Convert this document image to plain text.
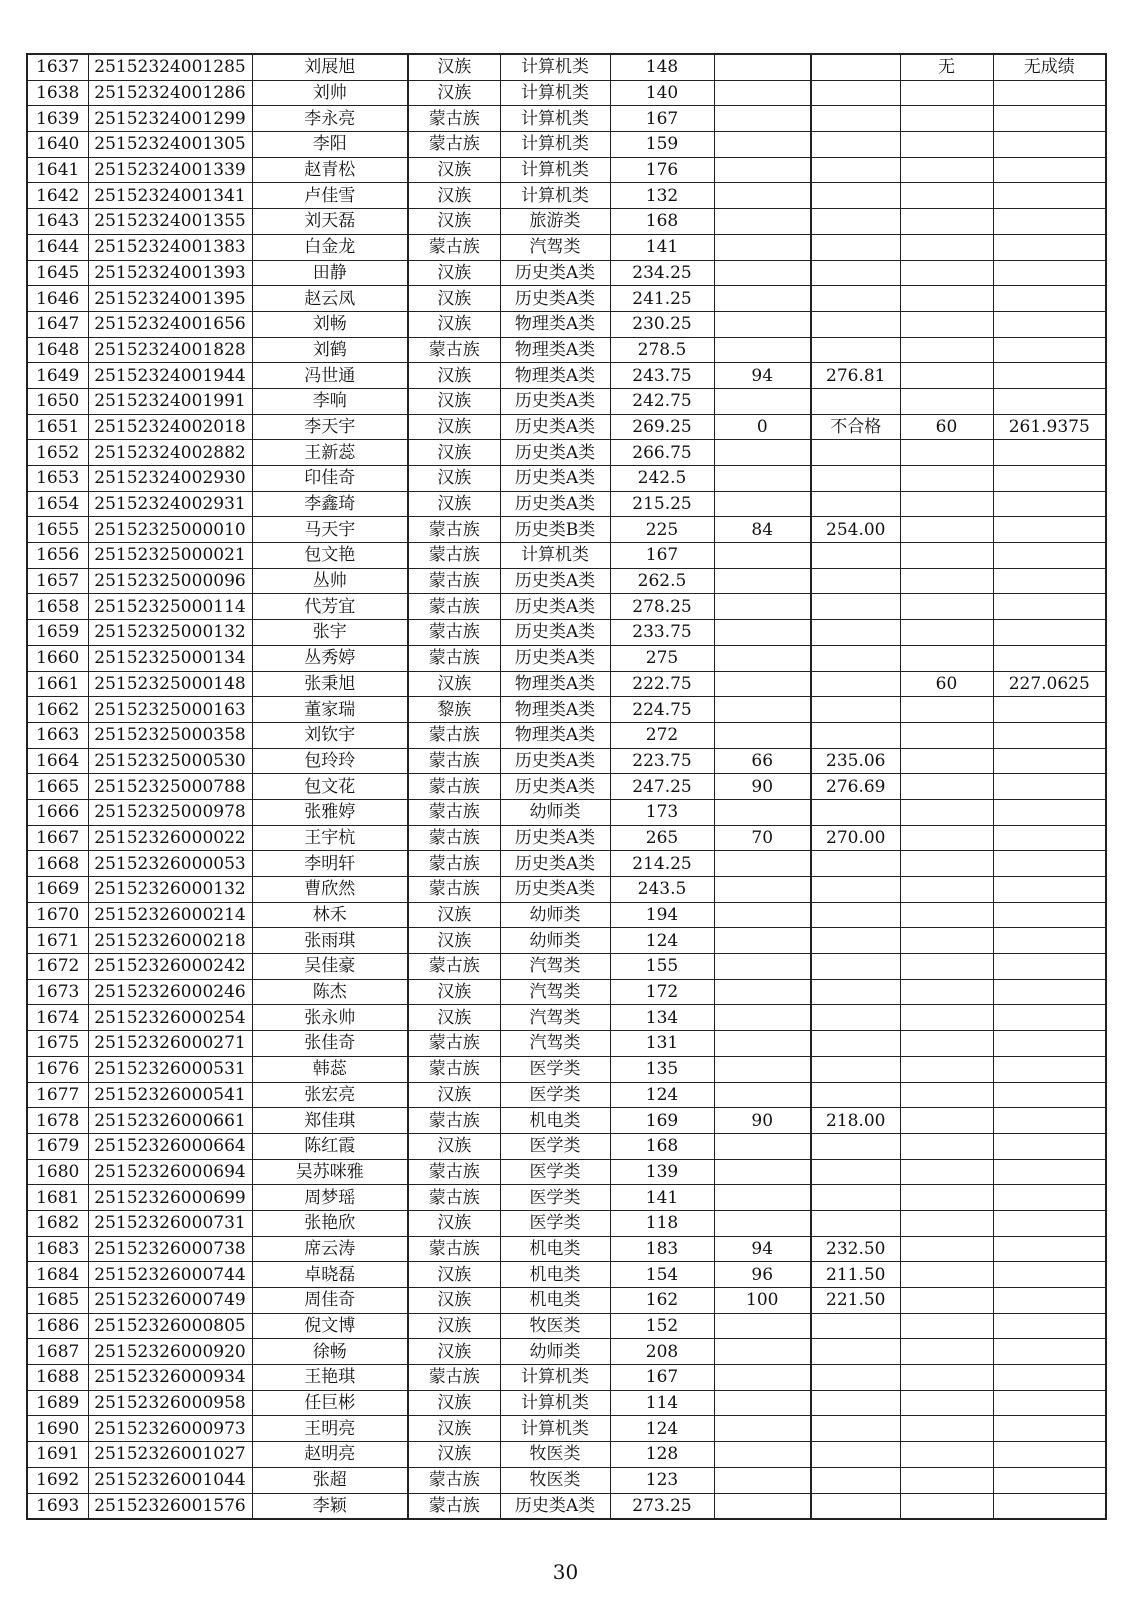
1637	25152324001285	刘展旭	汉族	计算机类	148			无	无成绩
1638	25152324001286	刘帅	汉族	计算机类	140				
1639	25152324001299	李永亮	蒙古族	计算机类	167				
1640	25152324001305	李阳	蒙古族	计算机类	159				
1641	25152324001339	赵青松	汉族	计算机类	176				
1642	25152324001341	卢佳雪	汉族	计算机类	132				
1643	25152324001355	刘天磊	汉族	旅游类	168				
1644	25152324001383	白金龙	蒙古族	汽驾类	141				
1645	25152324001393	田静	汉族	历史类A类	234.25				
1646	25152324001395	赵云凤	汉族	历史类A类	241.25				
1647	25152324001656	刘畅	汉族	物理类A类	230.25				
1648	25152324001828	刘鹤	蒙古族	物理类A类	278.5				
1649	25152324001944	冯世通	汉族	物理类A类	243.75	94	276.81		
1650	25152324001991	李响	汉族	历史类A类	242.75				
1651	25152324002018	李天宇	汉族	历史类A类	269.25	0	不合格	60	261.9375
1652	25152324002882	王新蕊	汉族	历史类A类	266.75				
1653	25152324002930	印佳奇	汉族	历史类A类	242.5				
1654	25152324002931	李鑫琦	汉族	历史类A类	215.25				
1655	25152325000010	马天宇	蒙古族	历史类B类	225	84	254.00		
1656	25152325000021	包文艳	蒙古族	计算机类	167				
1657	25152325000096	丛帅	蒙古族	历史类A类	262.5				
1658	25152325000114	代芳宜	蒙古族	历史类A类	278.25				
1659	25152325000132	张宇	蒙古族	历史类A类	233.75				
1660	25152325000134	丛秀婷	蒙古族	历史类A类	275				
1661	25152325000148	张秉旭	汉族	物理类A类	222.75			60	227.0625
1662	25152325000163	董家瑞	黎族	物理类A类	224.75				
1663	25152325000358	刘钦宇	蒙古族	物理类A类	272				
1664	25152325000530	包玲玲	蒙古族	历史类A类	223.75	66	235.06		
1665	25152325000788	包文花	蒙古族	历史类A类	247.25	90	276.69		
1666	25152325000978	张雅婷	蒙古族	幼师类	173				
1667	25152326000022	王宇杭	蒙古族	历史类A类	265	70	270.00		
1668	25152326000053	李明轩	蒙古族	历史类A类	214.25				
1669	25152326000132	曹欣然	蒙古族	历史类A类	243.5				
1670	25152326000214	林禾	汉族	幼师类	194				
1671	25152326000218	张雨琪	汉族	幼师类	124				
1672	25152326000242	吴佳豪	蒙古族	汽驾类	155				
1673	25152326000246	陈杰	汉族	汽驾类	172				
1674	25152326000254	张永帅	汉族	汽驾类	134				
1675	25152326000271	张佳奇	蒙古族	汽驾类	131				
1676	25152326000531	韩蕊	蒙古族	医学类	135				
1677	25152326000541	张宏亮	汉族	医学类	124				
1678	25152326000661	郑佳琪	蒙古族	机电类	169	90	218.00		
1679	25152326000664	陈红霞	汉族	医学类	168				
1680	25152326000694	吴苏咪雅	蒙古族	医学类	139				
1681	25152326000699	周梦瑶	蒙古族	医学类	141				
1682	25152326000731	张艳欣	汉族	医学类	118				
1683	25152326000738	席云涛	蒙古族	机电类	183	94	232.50		
1684	25152326000744	卓晓磊	汉族	机电类	154	96	211.50		
1685	25152326000749	周佳奇	汉族	机电类	162	100	221.50		
1686	25152326000805	倪文博	汉族	牧医类	152				
1687	25152326000920	徐畅	汉族	幼师类	208				
1688	25152326000934	王艳琪	蒙古族	计算机类	167				
1689	25152326000958	任巨彬	汉族	计算机类	114				
1690	25152326000973	王明亮	汉族	计算机类	124				
1691	25152326001027	赵明亮	汉族	牧医类	128				
1692	25152326001044	张超	蒙古族	牧医类	123				
1693	25152326001576	李颖	蒙古族	历史类A类	273.25				
30
